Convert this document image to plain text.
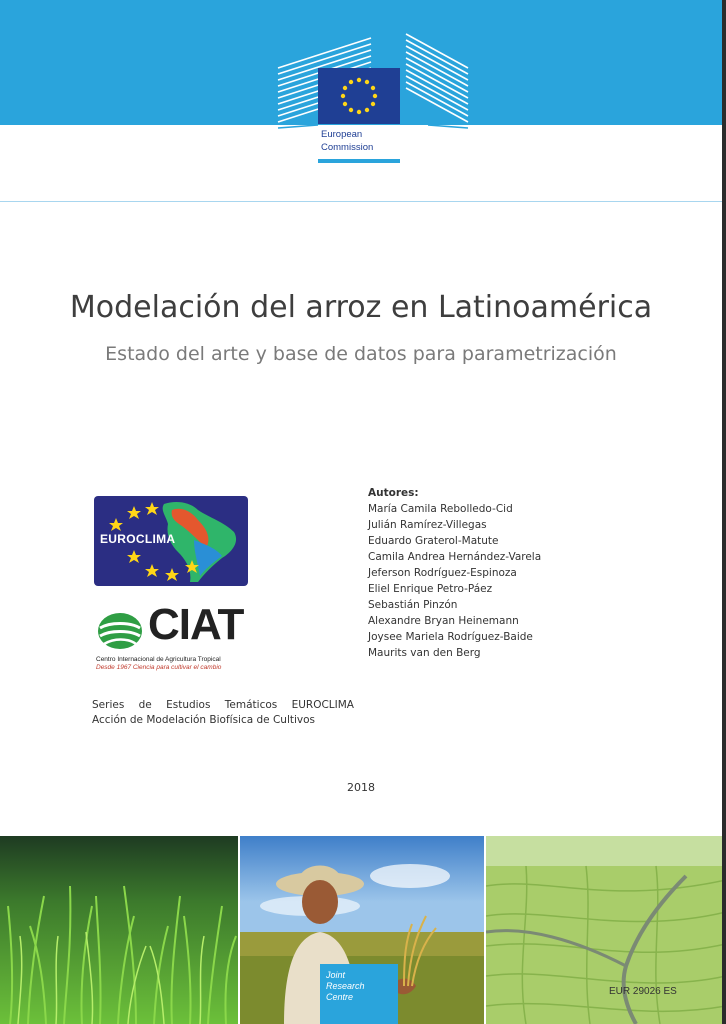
European
Commission
Modelación del arroz en Latinoamérica
Estado del arte y base de datos para parametrización
EUROCLIMA
CIAT
Centro Internacional de Agricultura Tropical
Desde 1967 Ciencia para cultivar el cambio
Series de Estudios Temáticos EUROCLIMA
Acción de Modelación Biofísica de Cultivos
Autores:
María Camila Rebolledo-Cid
Julián Ramírez-Villegas
Eduardo Graterol-Matute
Camila Andrea Hernández-Varela
Jeferson Rodríguez-Espinoza
Eliel Enrique Petro-Páez
Sebastián Pinzón
Alexandre Bryan Heinemann
Joysee Mariela Rodríguez-Baide
Maurits van den Berg
2018
Joint
Research
Centre	EUR 29026 ES
